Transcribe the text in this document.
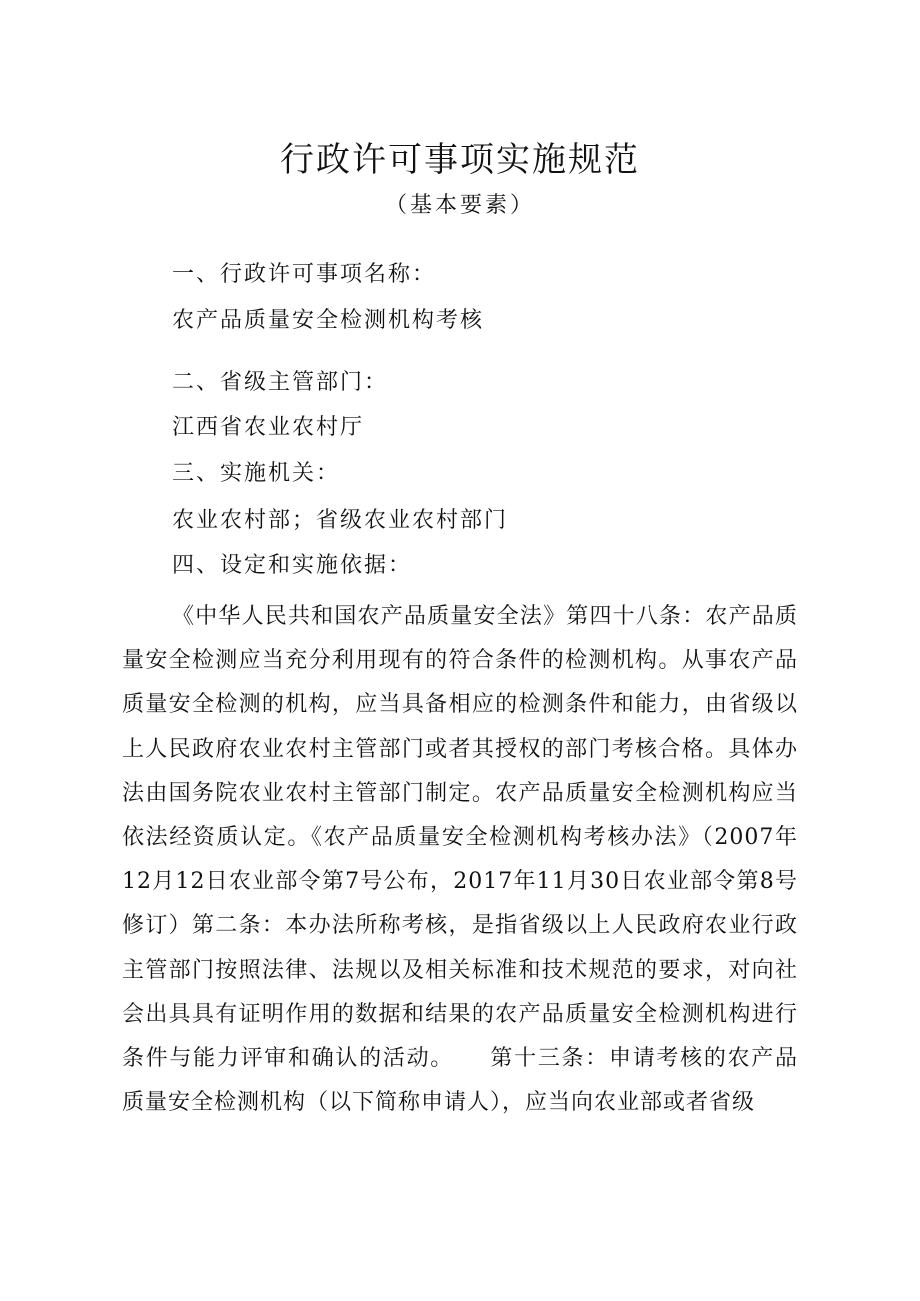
行政许可事项实施规范
（基本要素）
一、行政许可事项名称：
农产品质量安全检测机构考核
二、省级主管部门：
江西省农业农村厅
三、实施机关：
农业农村部；省级农业农村部门
四、设定和实施依据：

《中华人民共和国农产品质量安全法》第四十八条：农产品质量安全检测应当充分利用现有的符合条件的检测机构。从事农产品质量安全检测的机构，应当具备相应的检测条件和能力，由省级以上人民政府农业农村主管部门或者其授权的部门考核合格。具体办法由国务院农业农村主管部门制定。农产品质量安全检测机构应当依法经资质认定。《农产品质量安全检测机构考核办法》（2007年12月12日农业部令第7号公布，2017年11月30日农业部令第8号修订）第二条：本办法所称考核，是指省级以上人民政府农业行政主管部门按照法律、法规以及相关标准和技术规范的要求，对向社会出具具有证明作用的数据和结果的农产品质量安全检测机构进行条件与能力评审和确认的活动。　　第十三条：申请考核的农产品质量安全检测机构（以下简称申请人），应当向农业部或者省级
